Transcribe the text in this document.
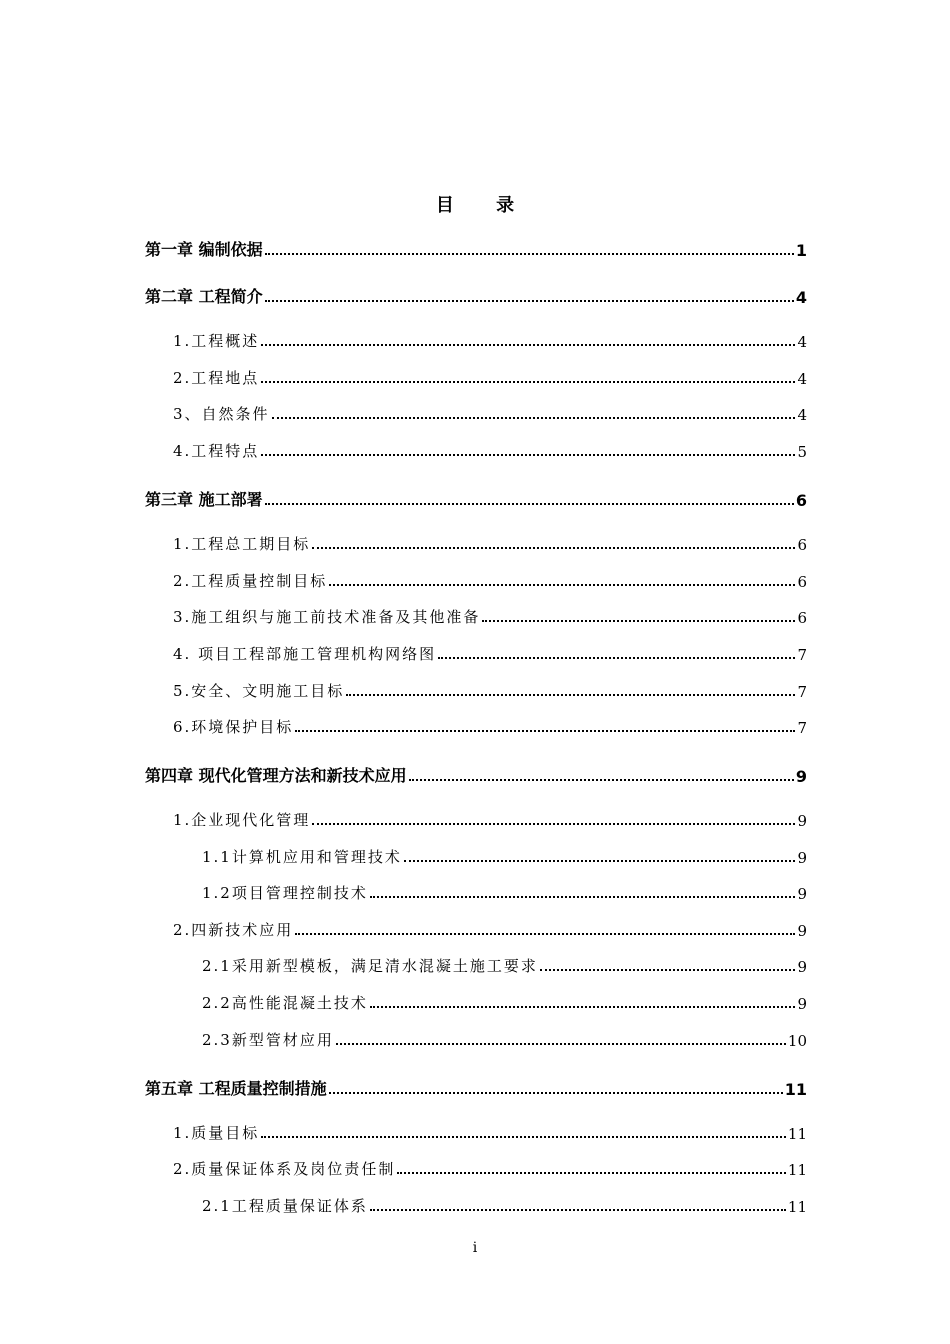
目 录
第一章 编制依据	1
第二章 工程简介	4
1.工程概述	4
2.工程地点	4
3、自然条件	4
4.工程特点	5
第三章 施工部署	6
1.工程总工期目标	6
2.工程质量控制目标	6
3.施工组织与施工前技术准备及其他准备	6
4. 项目工程部施工管理机构网络图	7
5.安全、文明施工目标	7
6.环境保护目标	7
第四章 现代化管理方法和新技术应用	9
1.企业现代化管理	9
1.1计算机应用和管理技术	9
1.2项目管理控制技术	9
2.四新技术应用	9
2.1采用新型模板，满足清水混凝土施工要求	9
2.2高性能混凝土技术	9
2.3新型管材应用	10
第五章 工程质量控制措施	11
1.质量目标	11
2.质量保证体系及岗位责任制	11
2.1工程质量保证体系	11
i
